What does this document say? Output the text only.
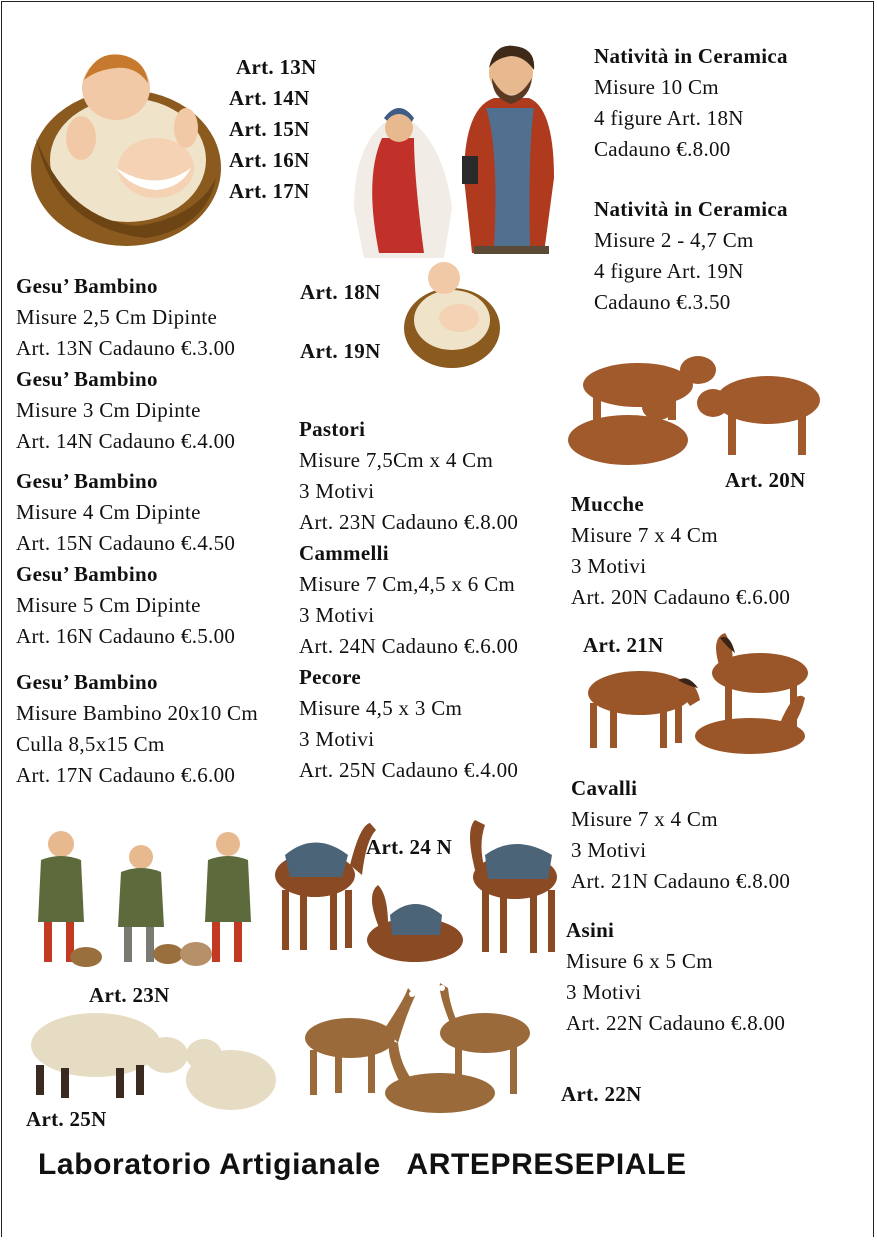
Art. 13N
Art. 14N
Art. 15N
Art. 16N
Art. 17N
Natività in Ceramica
Misure 10 Cm
4 figure Art. 18N
Cadauno €.8.00
Natività in Ceramica
Misure 2 - 4,7 Cm
4 figure Art. 19N
Cadauno €.3.50
Art. 18N
Art. 19N
Gesu’ Bambino
Misure 2,5 Cm Dipinte
Art. 13N Cadauno €.3.00
Gesu’ Bambino
Misure 3 Cm Dipinte
Art. 14N Cadauno €.4.00
Gesu’ Bambino
Misure 4 Cm Dipinte
Art. 15N Cadauno €.4.50
Gesu’ Bambino
Misure 5 Cm Dipinte
Art. 16N Cadauno €.5.00
Gesu’ Bambino
Misure Bambino 20x10 Cm
Culla 8,5x15 Cm
Art. 17N Cadauno €.6.00
Pastori
Misure 7,5Cm x 4 Cm
3 Motivi
Art. 23N Cadauno €.8.00
Cammelli
Misure 7 Cm,4,5 x 6 Cm
3 Motivi
Art. 24N Cadauno €.6.00
Pecore
Misure 4,5 x 3 Cm
3 Motivi
Art. 25N Cadauno €.4.00
Art. 20N
Mucche
Misure 7 x 4 Cm
3 Motivi
Art. 20N Cadauno €.6.00
Art. 21N
Cavalli
Misure 7 x 4 Cm
3 Motivi
Art. 21N Cadauno €.8.00
Asini
Misure 6 x 5 Cm
3 Motivi
Art. 22N Cadauno €.8.00
Art. 24 N
Art. 23N
Art. 25N
Art. 22N
Laboratorio Artigianale ARTEPRESEPIALE
